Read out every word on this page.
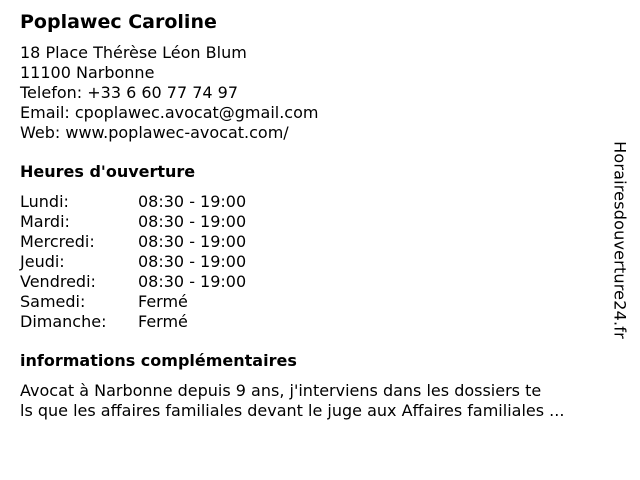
Poplawec Caroline
18 Place Thérèse Léon Blum
11100 Narbonne
Telefon: +33 6 60 77 74 97
Email: cpoplawec.avocat@gmail.com
Web: www.poplawec-avocat.com/
Heures d'ouverture
Lundi:	08:30 - 19:00
Mardi:	08:30 - 19:00
Mercredi:	08:30 - 19:00
Jeudi:	08:30 - 19:00
Vendredi:	08:30 - 19:00
Samedi:	Fermé
Dimanche:	Fermé
informations complémentaires
Avocat à Narbonne depuis 9 ans, j'interviens dans les dossiers te
ls que les affaires familiales devant le juge aux Affaires familiales ...
Horairesdouverture24.fr
